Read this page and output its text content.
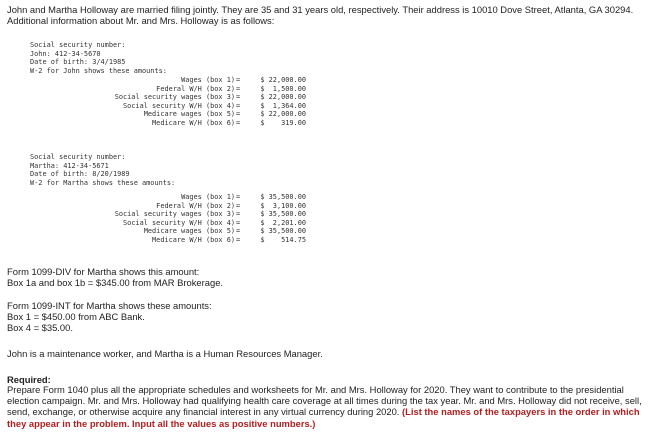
John and Martha Holloway are married filing jointly. They are 35 and 31 years old, respectively. Their address is 10010 Dove Street, Atlanta, GA 30294. Additional information about Mr. and Mrs. Holloway is as follows:

Social security number:
John: 412-34-5670
Date of birth: 3/4/1985
W-2 for John shows these amounts:
Wages (box 1) =	$ 22,000.00
Federal W/H (box 2) =	$  1,500.00
Social security wages (box 3) =	$ 22,000.00
Social security W/H (box 4) =	$  1,364.00
Medicare wages (box 5) =	$ 22,000.00
Medicare W/H (box 6) =	$    319.00
Social security number:
Martha: 412-34-5671
Date of birth: 8/20/1989
W-2 for Martha shows these amounts:
Wages (box 1) =	$ 35,500.00
Federal W/H (box 2) =	$  3,100.00
Social security wages (box 3) =	$ 35,500.00
Social security W/H (box 4) =	$  2,201.00
Medicare wages (box 5) =	$ 35,500.00
Medicare W/H (box 6) =	$    514.75
Form 1099-DIV for Martha shows this amount:
Box 1a and box 1b = $345.00 from MAR Brokerage.
Form 1099-INT for Martha shows these amounts:
Box 1 = $450.00 from ABC Bank.
Box 4 = $35.00.
John is a maintenance worker, and Martha is a Human Resources Manager.
Required:

Prepare Form 1040 plus all the appropriate schedules and worksheets for Mr. and Mrs. Holloway for 2020. They want to contribute to the presidential election campaign. Mr. and Mrs. Holloway had qualifying health care coverage at all times during the tax year. Mr. and Mrs. Holloway did not receive, sell, send, exchange, or otherwise acquire any financial interest in any virtual currency during 2020. (List the names of the taxpayers in the order in which they appear in the problem. Input all the values as positive numbers.)
